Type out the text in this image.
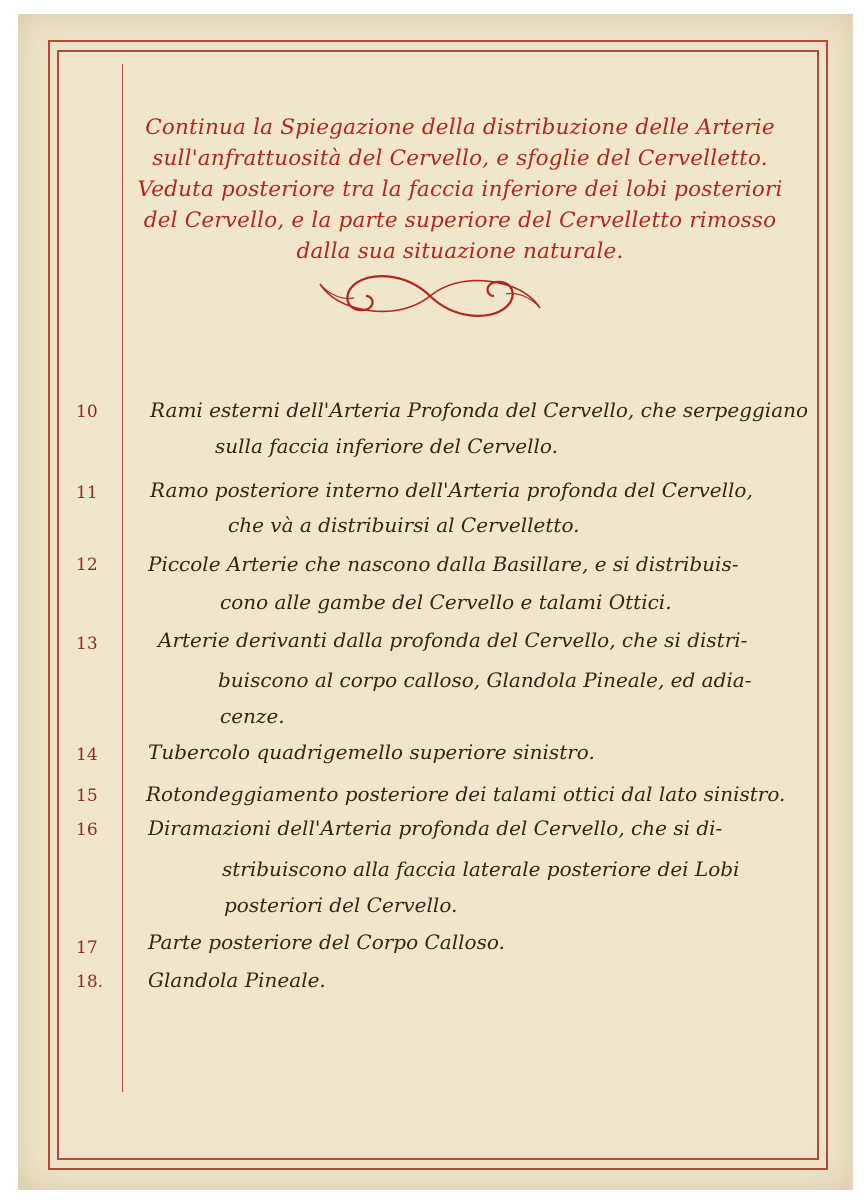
Continua la Spiegazione della distribuzione delle Arterie sull'anfrattuosità del Cervello, e sfoglie del Cervelletto. Veduta posteriore tra la faccia inferiore dei lobi posteriori del Cervello, e la parte superiore del Cervelletto rimosso dalla sua situazione naturale.
10	Rami esterni dell'Arteria Profonda del Cervello, che serpeggiano
sulla faccia inferiore del Cervello.
11	Ramo posteriore interno dell'Arteria profonda del Cervello,
che và a distribuirsi al Cervelletto.
12	Piccole Arterie che nascono dalla Basillare, e si distribuis-
cono alle gambe del Cervello e talami Ottici.
13	Arterie derivanti dalla profonda del Cervello, che si distri-
buiscono al corpo calloso, Glandola Pineale, ed adia-
cenze.
14	Tubercolo quadrigemello superiore sinistro.
15	Rotondeggiamento posteriore dei talami ottici dal lato sinistro.
16	Diramazioni dell'Arteria profonda del Cervello, che si di-
stribuiscono alla faccia laterale posteriore dei Lobi
posteriori del Cervello.
17	Parte posteriore del Corpo Calloso.
18.	Glandola Pineale.
